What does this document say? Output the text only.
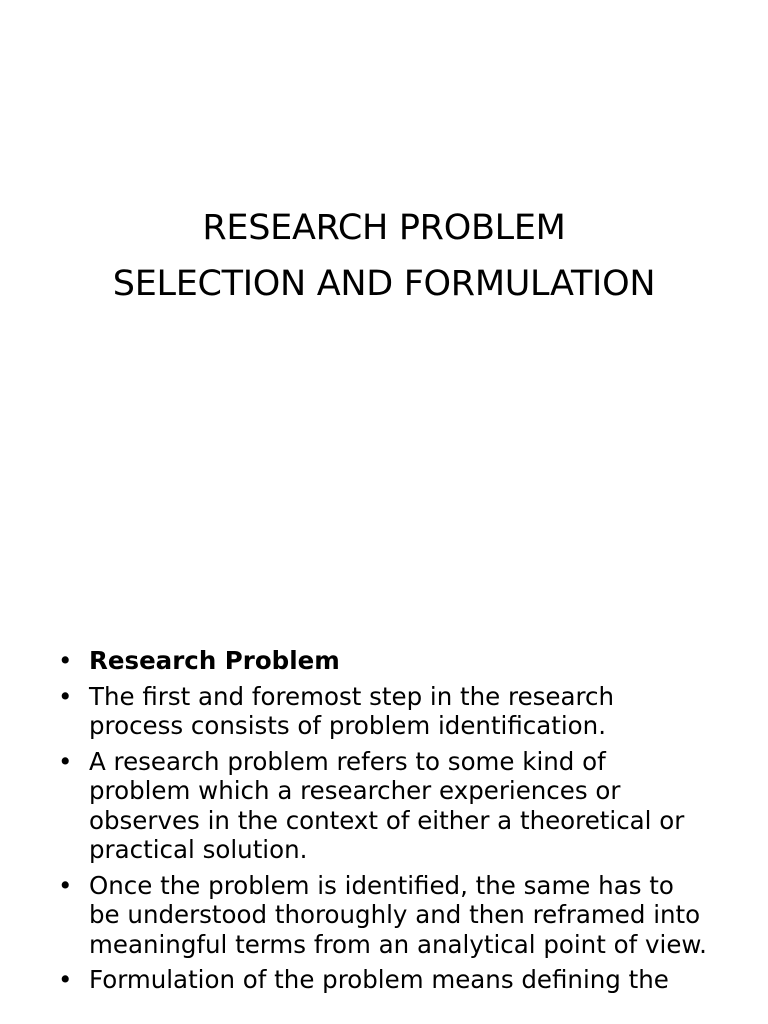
RESEARCH PROBLEM
SELECTION AND FORMULATION
• Research Problem
• The first and foremost step in the research process consists of problem identification.
• A research problem refers to some kind of problem which a researcher experiences or observes in the context of either a theoretical or practical solution.
• Once the problem is identified, the same has to be understood thoroughly and then reframed into meaningful terms from an analytical point of view.
• Formulation of the problem means defining the
